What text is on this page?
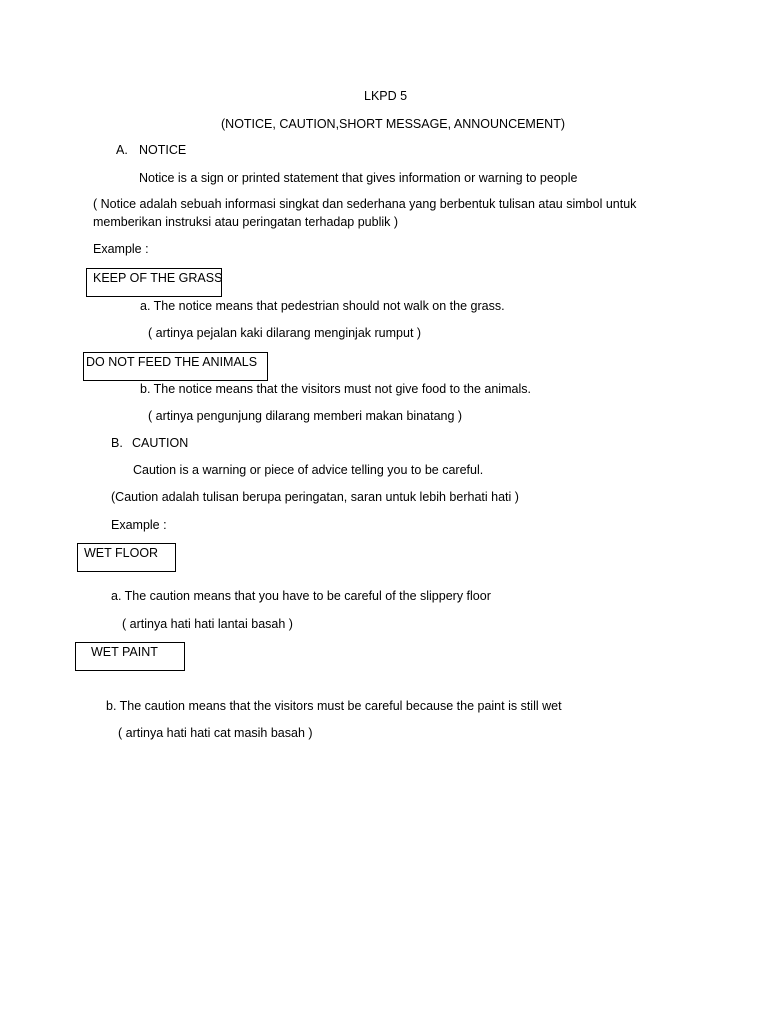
LKPD 5
(NOTICE, CAUTION,SHORT MESSAGE, ANNOUNCEMENT)
A. NOTICE
Notice is a sign or printed statement that gives information or warning to people
( Notice adalah sebuah informasi singkat dan sederhana yang berbentuk tulisan atau simbol untuk
memberikan instruksi atau peringatan terhadap publik )
Example :
KEEP OF THE GRASS
a. The notice means that pedestrian should not walk on the grass.
( artinya pejalan kaki dilarang menginjak rumput )
DO NOT FEED THE ANIMALS
b. The notice means that the visitors must not give food to the animals.
( artinya pengunjung dilarang memberi makan binatang )
B. CAUTION
Caution is a warning or piece of advice telling you to be careful.
(Caution adalah tulisan berupa peringatan, saran untuk lebih berhati hati )
Example :
WET FLOOR
a. The caution means that you have to be careful of the slippery floor
( artinya hati hati lantai basah )
WET PAINT
b. The caution means that the visitors must be careful because the paint is still wet
( artinya hati hati cat masih basah )
